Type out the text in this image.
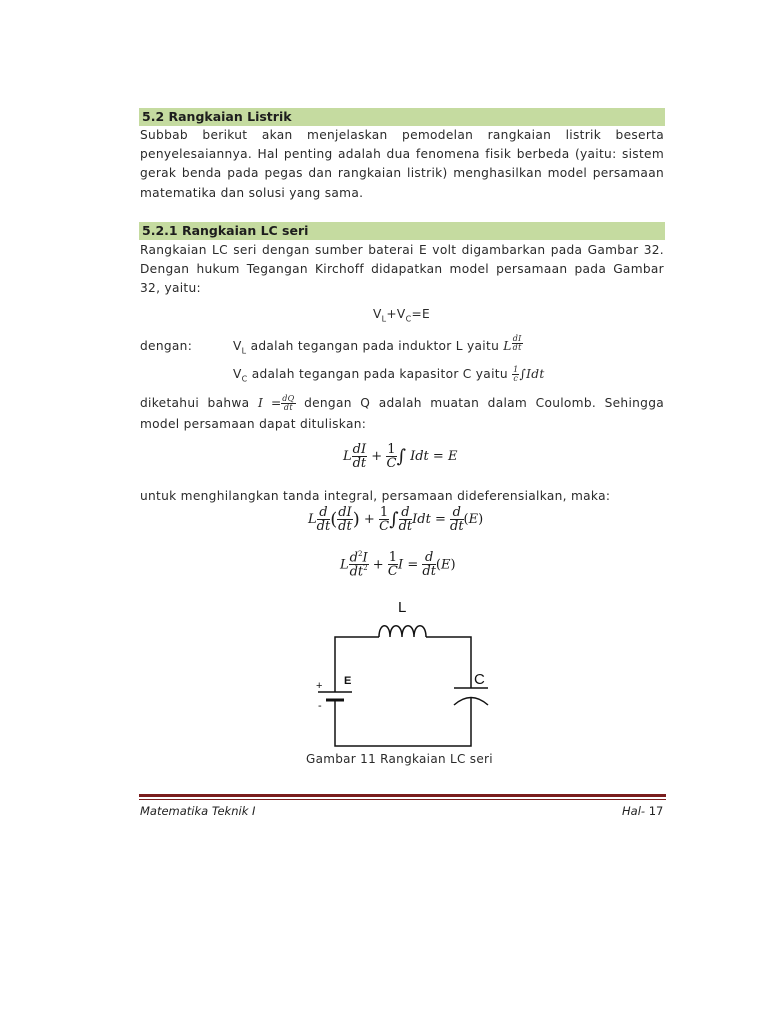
5.2 Rangkaian Listrik
Subbab berikut akan menjelaskan pemodelan rangkaian listrik beserta penyelesaiannya. Hal penting adalah dua fenomena fisik berbeda (yaitu: sistem gerak benda pada pegas dan rangkaian listrik) menghasilkan model persamaan matematika dan solusi yang sama.
5.2.1 Rangkaian LC seri
Rangkaian LC seri dengan sumber baterai E volt digambarkan pada Gambar 32. Dengan hukum Tegangan Kirchoff didapatkan model persamaan pada Gambar 32, yaitu:
$V_L+V_C=E$
dengan:	$V_L$ adalah tegangan pada induktor L yaitu L $\frac{dI}{dt}$
$V_C$ adalah tegangan pada kapasitor C yaitu $\frac{1}{c} \int Idt$
diketahui bahwa $I = \frac{dQ}{dt}$ dengan Q adalah muatan dalam Coulomb. Sehingga model persamaan dapat dituliskan:
L $\frac{dI}{dt} + \frac{1}{C}$ ∫ Idt = E
untuk menghilangkan tanda integral, persamaan dideferensialkan, maka:
L $\frac{d}{dt}$ ( $\frac{dI}{dt}$ ) + $\frac{1}{C}$ ∫ $\frac{d}{dt}$ Idt = $\frac{d}{dt} (E)$
L $\frac{d^2I}{dt^2} + \frac{1}{C}$ $I = \frac{d}{dt} (E)$
L
C
E
+
-
Gambar 11 Rangkaian LC seri
Matematika Teknik I	Hal- 17
